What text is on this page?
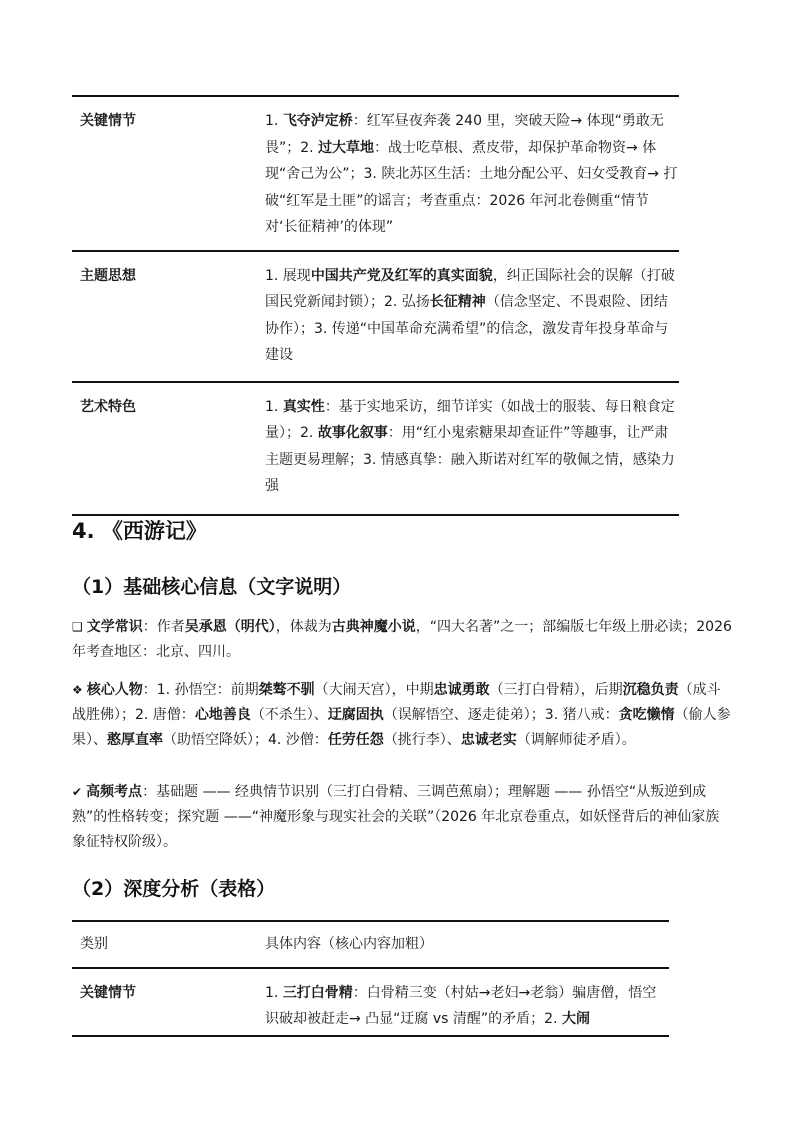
关键情节	1. 飞夺泸定桥：红军昼夜奔袭 240 里，突破天险→ 体现“勇敢无畏”；2. 过大草地：战士吃草根、煮皮带，却保护革命物资→ 体现“舍己为公”；3. 陕北苏区生活：土地分配公平、妇女受教育→ 打破“红军是土匪”的谣言；考查重点：2026 年河北卷侧重“情节对‘长征精神’的体现”
主题思想	1. 展现中国共产党及红军的真实面貌，纠正国际社会的误解（打破国民党新闻封锁）；2. 弘扬长征精神（信念坚定、不畏艰险、团结协作）；3. 传递“中国革命充满希望”的信念，激发青年投身革命与建设
艺术特色	1. 真实性：基于实地采访，细节详实（如战士的服装、每日粮食定量）；2. 故事化叙事：用“红小鬼索糖果却查证件”等趣事，让严肃主题更易理解；3. 情感真挚：融入斯诺对红军的敬佩之情，感染力强
4. 《西游记》
（1）基础核心信息（文字说明）

❑ 文学常识：作者吴承恩（明代），体裁为古典神魔小说，“四大名著”之一；部编版七年级上册必读；2026 年考查地区：北京、四川。

❖ 核心人物：1. 孙悟空：前期桀骜不驯（大闹天宫），中期忠诚勇敢（三打白骨精），后期沉稳负责（成斗战胜佛）；2. 唐僧：心地善良（不杀生）、迂腐固执（误解悟空、逐走徒弟）；3. 猪八戒：贪吃懒惰（偷人参果）、憨厚直率（助悟空降妖）；4. 沙僧：任劳任怨（挑行李）、忠诚老实（调解师徒矛盾）。

✔ 高频考点：基础题 —— 经典情节识别（三打白骨精、三调芭蕉扇）；理解题 —— 孙悟空“从叛逆到成熟”的性格转变；探究题 ——“神魔形象与现实社会的关联”（2026 年北京卷重点，如妖怪背后的神仙家族象征特权阶级）。

（2）深度分析（表格）
类别	具体内容（核心内容加粗）
关键情节	1. 三打白骨精：白骨精三变（村姑→老妇→老翁）骗唐僧，悟空识破却被赶走→ 凸显“迂腐 vs 清醒”的矛盾；2. 大闹
